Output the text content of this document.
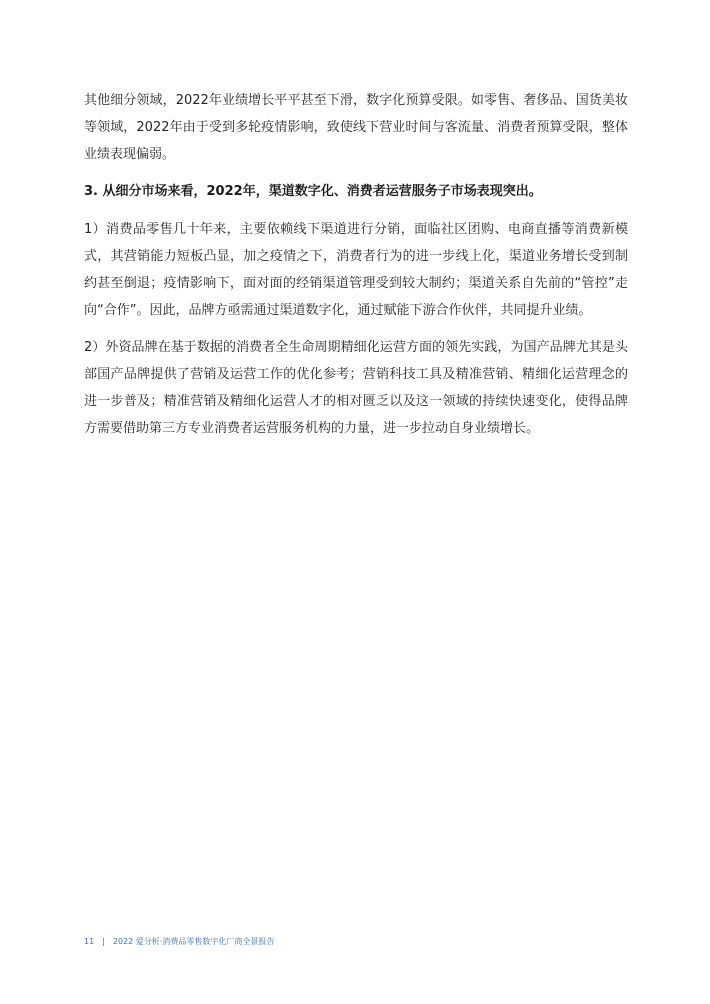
其他细分领域，2022年业绩增长平平甚至下滑，数字化预算受限。如零售、奢侈品、国货美妆等领域，2022年由于受到多轮疫情影响，致使线下营业时间与客流量、消费者预算受限，整体业绩表现偏弱。

3. 从细分市场来看，2022年，渠道数字化、消费者运营服务子市场表现突出。

1）消费品零售几十年来，主要依赖线下渠道进行分销，面临社区团购、电商直播等消费新模式，其营销能力短板凸显，加之疫情之下，消费者行为的进一步线上化，渠道业务增长受到制约甚至倒退；疫情影响下，面对面的经销渠道管理受到较大制约；渠道关系自先前的“管控”走向“合作”。因此，品牌方亟需通过渠道数字化，通过赋能下游合作伙伴，共同提升业绩。

2）外资品牌在基于数据的消费者全生命周期精细化运营方面的领先实践，为国产品牌尤其是头部国产品牌提供了营销及运营工作的优化参考；营销科技工具及精准营销、精细化运营理念的进一步普及；精准营销及精细化运营人才的相对匮乏以及这一领域的持续快速变化，使得品牌方需要借助第三方专业消费者运营服务机构的力量，进一步拉动自身业绩增长。

11 | 2022 爱分析·消费品零售数字化厂商全景报告
